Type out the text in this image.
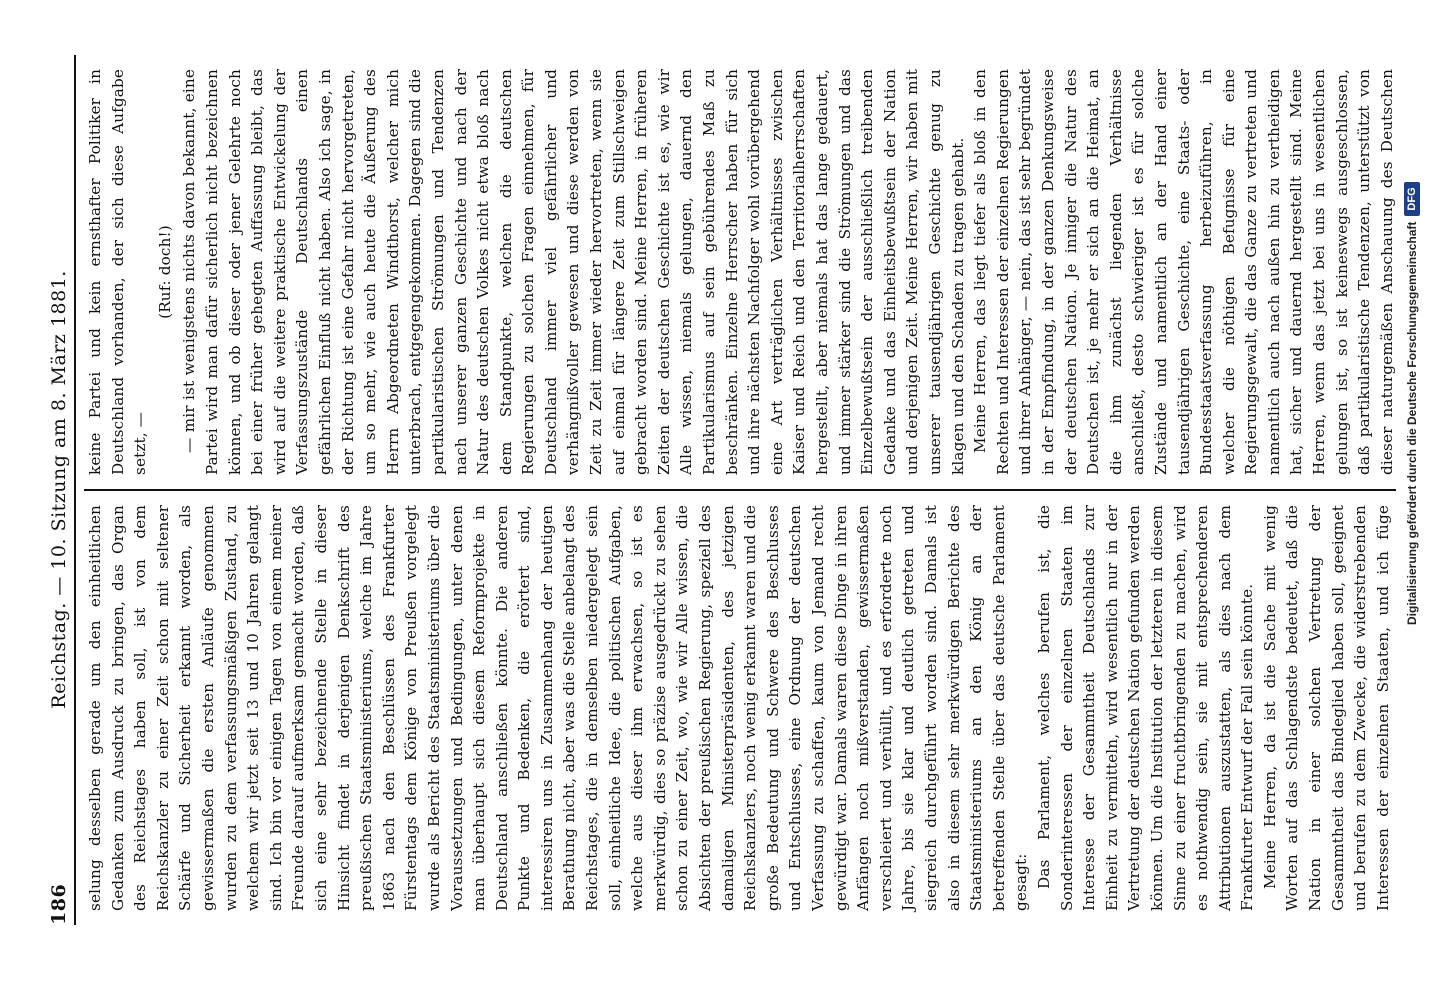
186
Reichstag. — 10. Sitzung am 8. März 1881. selung desselben gerade um den einheitlichen Gedanken zum Ausdruck zu bringen, das Organ des Reichstages haben soll, ist von dem Reichskanzler zu einer Zeit schon mit seltener Schärfe und Sicherheit erkannt worden, als gewissermaßen die ersten Anläufe genommen wurden zu dem verfassungsmäßigen Zustand, zu welchem wir jetzt seit 13 und 10 Jahren gelangt sind. Ich bin vor einigen Tagen von einem meiner Freunde darauf aufmerksam gemacht worden, daß sich eine sehr bezeichnende Stelle in dieser Hinsicht findet in derjenigen Denkschrift des preußischen Staatsministeriums, welche im Jahre 1863 nach den Beschlüssen des Frankfurter Fürstentags dem Könige von Preußen vorgelegt wurde als Bericht des Staatsministeriums über die Voraussetzungen und Bedingungen, unter denen man überhaupt sich diesem Reformprojekte in Deutschland anschließen könnte. Die anderen Punkte und Bedenken, die erörtert sind, interessiren uns in Zusammenhang der heutigen Berathung nicht, aber was die Stelle anbelangt des Reichstages, die in demselben niedergelegt sein soll, einheitliche Idee, die politischen Aufgaben, welche aus dieser ihm erwachsen, so ist es merkwürdig, dies so präzise ausgedrückt zu sehen schon zu einer Zeit, wo, wie wir Alle wissen, die Absichten der preußischen Regierung, speziell des damaligen Ministerpräsidenten, des jetzigen Reichskanzlers, noch wenig erkannt waren und die große Bedeutung und Schwere des Beschlusses und Entschlusses, eine Ordnung der deutschen Verfassung zu schaffen, kaum von Jemand recht gewürdigt war. Damals waren diese Dinge in ihren Anfängen noch mißverstanden, gewissermaßen verschleiert und verhüllt, und es erforderte noch Jahre, bis sie klar und deutlich getreten und siegreich durchgeführt worden sind. Damals ist also in diesem sehr merkwürdigen Berichte des Staatsministeriums an den König an der betreffenden Stelle über das deutsche Parlament gesagt: Das Parlament, welches berufen ist, die Sonderinteressen der einzelnen Staaten im Interesse der Gesammtheit Deutschlands zur Einheit zu vermitteln, wird wesentlich nur in der Vertretung der deutschen Nation gefunden werden können. Um die Institution der letzteren in diesem Sinne zu einer fruchtbringenden zu machen, wird es nothwendig sein, sie mit entsprechenderen Attributionen auszustatten, als dies nach dem Frankfurter Entwurf der Fall sein könnte. Meine Herren, da ist die Sache mit wenig Worten auf das Schlagendste bedeutet, daß die Nation in einer solchen Vertretung der Gesammtheit das Bindeglied haben soll, geeignet und berufen zu dem Zwecke, die widerstrebenden Interessen der einzelnen Staaten, und ich füge

keine Partei und kein ernsthafter Politiker in Deutschland vorhanden, der sich diese Aufgabe setzt, —

(Ruf: doch!) — mir ist wenigstens nichts davon bekannt, eine Partei wird man dafür sicherlich nicht bezeichnen können, und ob dieser oder jener Gelehrte noch bei einer früher gehegten Auffassung bleibt, das wird auf die weitere praktische Entwickelung der Verfassungszustände Deutschlands einen gefährlichen Einfluß nicht haben. Also ich sage, in der Richtung ist eine Gefahr nicht hervorgetreten, um so mehr, wie auch heute die Äußerung des Herrn Abgeordneten Windthorst, welcher mich unterbrach, entgegengekommen. Dagegen sind die partikularistischen Strömungen und Tendenzen nach unserer ganzen Geschichte und nach der Natur des deutschen Volkes nicht etwa bloß nach dem Standpunkte, welchen die deutschen Regierungen zu solchen Fragen einnehmen, für Deutschland immer viel gefährlicher und verhängnißvoller gewesen und diese werden von Zeit zu Zeit immer wieder hervortreten, wenn sie auf einmal für längere Zeit zum Stillschweigen gebracht worden sind. Meine Herren, in früheren Zeiten der deutschen Geschichte ist es, wie wir Alle wissen, niemals gelungen, dauernd den Partikularismus auf sein gebührendes Maß zu beschränken. Einzelne Herrscher haben für sich und ihre nächsten Nachfolger wohl vorübergehend eine Art verträglichen Verhältnisses zwischen Kaiser und Reich und den Territorialherrschaften hergestellt, aber niemals hat das lange gedauert, und immer stärker sind die Strömungen und das Einzelbewußtsein der ausschließlich treibenden Gedanke und das Einheitsbewußtsein der Nation und derjenigen Zeit. Meine Herren, wir haben mit unserer tausendjährigen Geschichte genug zu klagen und den Schaden zu tragen gehabt. Meine Herren, das liegt tiefer als bloß in den Rechten und Interessen der einzelnen Regierungen und ihrer Anhänger, — nein, das ist sehr begründet in der Empfindung, in der ganzen Denkungsweise der deutschen Nation. Je inniger die Natur des Deutschen ist, je mehr er sich an die Heimat, an die ihm zunächst liegenden Verhältnisse anschließt, desto schwieriger ist es für solche Zustände und namentlich an der Hand einer tausendjährigen Geschichte, eine Staats- oder Bundesstaatsverfassung herbeizuführen, in welcher die nöthigen Befugnisse für eine Regierungsgewalt, die das Ganze zu vertreten und namentlich auch nach außen hin zu vertheidigen hat, sicher und dauernd hergestellt sind. Meine Herren, wenn das jetzt bei uns in wesentlichen gelungen ist, so ist keineswegs ausgeschlossen, daß partikularistische Tendenzen, unterstützt von dieser naturgemäßen Anschauung des Deutschen

Digitalisierung gefördert durch die Deutsche Forschungsgemeinschaft
DFG
